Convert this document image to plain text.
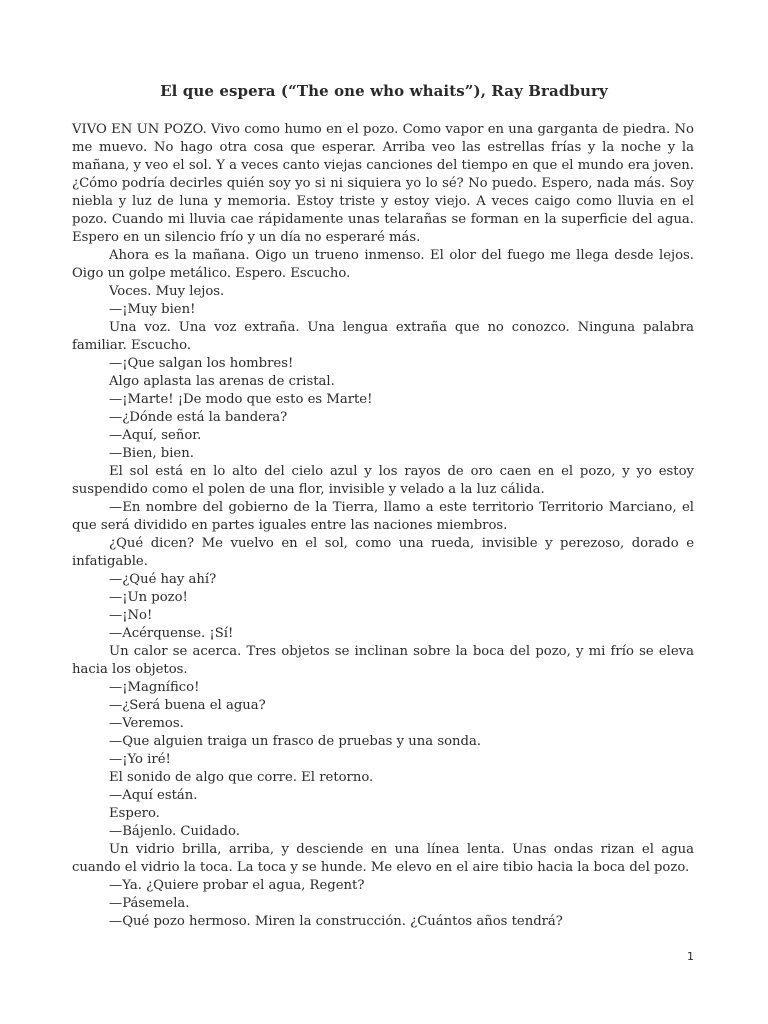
El que espera (“The one who whaits”), Ray Bradbury

VIVO EN UN POZO. Vivo como humo en el pozo. Como vapor en una garganta de piedra. No me muevo. No hago otra cosa que esperar. Arriba veo las estrellas frías y la noche y la mañana, y veo el sol. Y a veces canto viejas canciones del tiempo en que el mundo era joven. ¿Cómo podría decirles quién soy yo si ni siquiera yo lo sé? No puedo. Espero, nada más. Soy niebla y luz de luna y memoria. Estoy triste y estoy viejo. A veces caigo como lluvia en el pozo. Cuando mi lluvia cae rápidamente unas telarañas se forman en la superficie del agua. Espero en un silencio frío y un día no esperaré más.

Ahora es la mañana. Oigo un trueno inmenso. El olor del fuego me llega desde lejos. Oigo un golpe metálico. Espero. Escucho.

Voces. Muy lejos.

—¡Muy bien!

Una voz. Una voz extraña. Una lengua extraña que no conozco. Ninguna palabra familiar. Escucho.

—¡Que salgan los hombres!

Algo aplasta las arenas de cristal.

—¡Marte! ¡De modo que esto es Marte!

—¿Dónde está la bandera?

—Aquí, señor.

—Bien, bien.

El sol está en lo alto del cielo azul y los rayos de oro caen en el pozo, y yo estoy suspendido como el polen de una flor, invisible y velado a la luz cálida.

—En nombre del gobierno de la Tierra, llamo a este territorio Territorio Marciano, el que será dividido en partes iguales entre las naciones miembros.

¿Qué dicen? Me vuelvo en el sol, como una rueda, invisible y perezoso, dorado e infatigable.

—¿Qué hay ahí?

—¡Un pozo!

—¡No!

—Acérquense. ¡Sí!

Un calor se acerca. Tres objetos se inclinan sobre la boca del pozo, y mi frío se eleva hacia los objetos.

—¡Magnífico!

—¿Será buena el agua?

—Veremos.

—Que alguien traiga un frasco de pruebas y una sonda.

—¡Yo iré!

El sonido de algo que corre. El retorno.

—Aquí están.

Espero.

—Bájenlo. Cuidado.

Un vidrio brilla, arriba, y desciende en una línea lenta. Unas ondas rizan el agua cuando el vidrio la toca. La toca y se hunde. Me elevo en el aire tibio hacia la boca del pozo.

—Ya. ¿Quiere probar el agua, Regent?

—Pásemela.

—Qué pozo hermoso. Miren la construcción. ¿Cuántos años tendrá?

1
